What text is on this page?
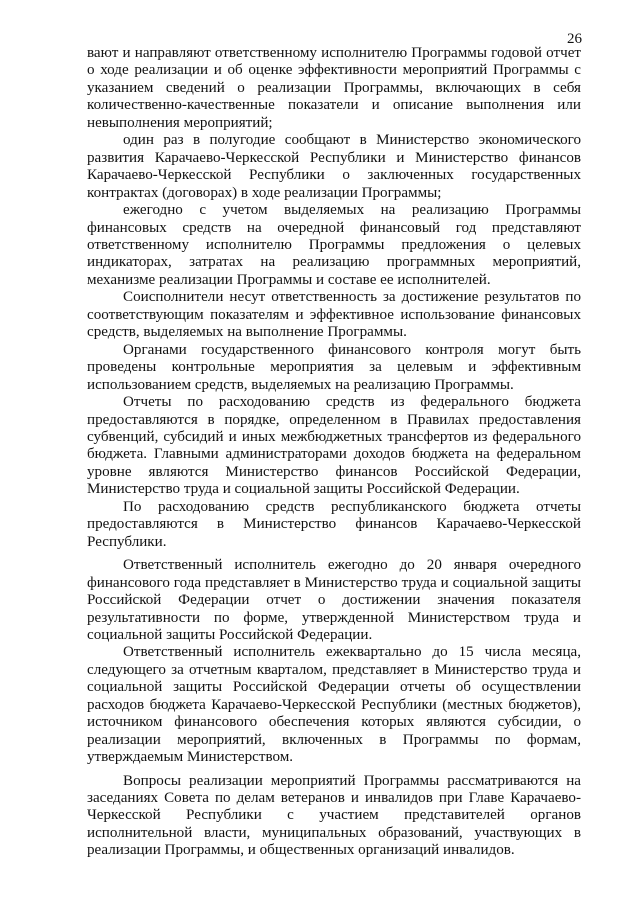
26

вают и направляют ответственному исполнителю Программы годовой отчет о ходе реализации и об оценке эффективности мероприятий Программы с указанием сведений о реализации Программы, включающих в себя количественно-качественные показатели и описание выполнения или невыполнения мероприятий;

один раз в полугодие сообщают в Министерство экономического развития Карачаево-Черкесской Республики и Министерство финансов Карачаево-Черкесской Республики о заключенных государственных контрактах (договорах) в ходе реализации Программы;

ежегодно с учетом выделяемых на реализацию Программы финансовых средств на очередной финансовый год представляют ответственному исполнителю Программы предложения о целевых индикаторах, затратах на реализацию программных мероприятий, механизме реализации Программы и составе ее исполнителей.

Соисполнители несут ответственность за достижение результатов по соответствующим показателям и эффективное использование финансовых средств, выделяемых на выполнение Программы.

Органами государственного финансового контроля могут быть проведены контрольные мероприятия за целевым и эффективным использованием средств, выделяемых на реализацию Программы.

Отчеты по расходованию средств из федерального бюджета предоставляются в порядке, определенном в Правилах предоставления субвенций, субсидий и иных межбюджетных трансфертов из федерального бюджета. Главными администраторами доходов бюджета на федеральном уровне являются Министерство финансов Российской Федерации, Министерство труда и социальной защиты Российской Федерации.

По расходованию средств республиканского бюджета отчеты предоставляются в Министерство финансов Карачаево-Черкесской Республики.

Ответственный исполнитель ежегодно до 20 января очередного финансового года представляет в Министерство труда и социальной защиты Российской Федерации отчет о достижении значения показателя результативности по форме, утвержденной Министерством труда и социальной защиты Российской Федерации.

Ответственный исполнитель ежеквартально до 15 числа месяца, следующего за отчетным кварталом, представляет в Министерство труда и социальной защиты Российской Федерации отчеты об осуществлении расходов бюджета Карачаево-Черкесской Республики (местных бюджетов), источником финансового обеспечения которых являются субсидии, о реализации мероприятий, включенных в Программы по формам, утверждаемым Министерством.

Вопросы реализации мероприятий Программы рассматриваются на заседаниях Совета по делам ветеранов и инвалидов при Главе Карачаево-Черкесской Республики с участием представителей органов исполнительной власти, муниципальных образований, участвующих в реализации Программы, и общественных организаций инвалидов.
